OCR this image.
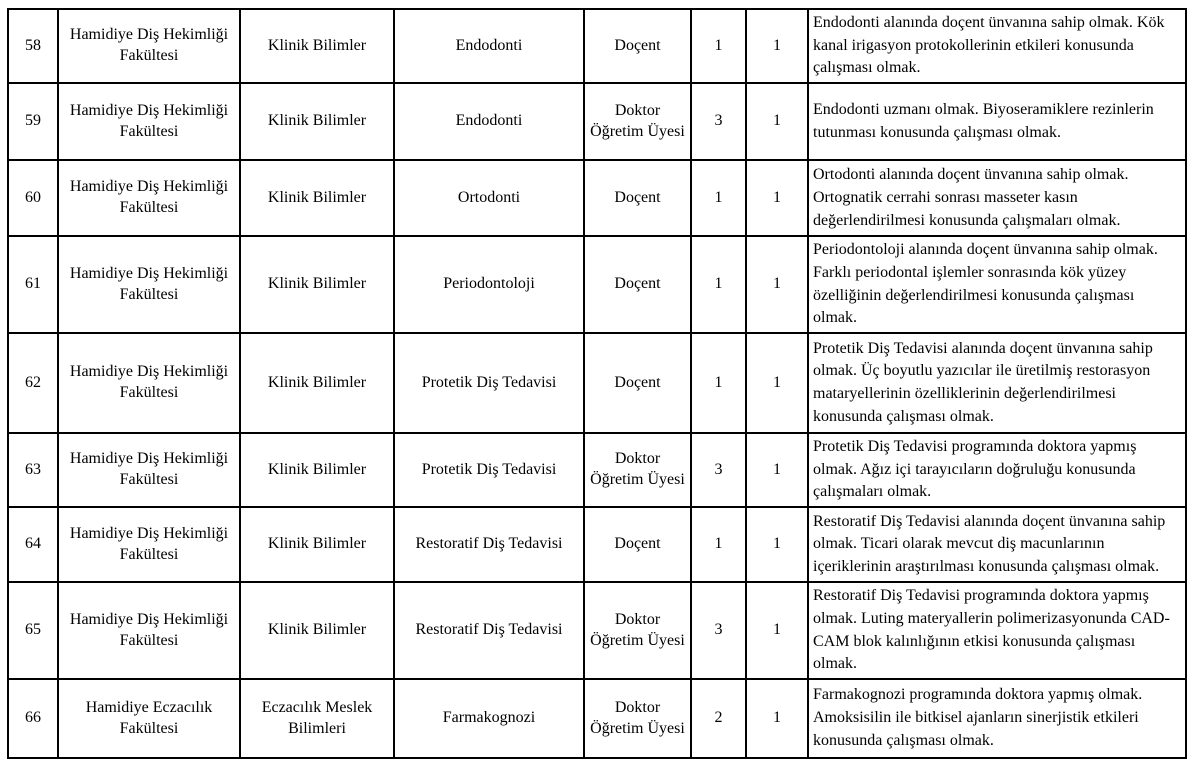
58	Hamidiye Diş Hekimliği Fakültesi	Klinik Bilimler	Endodonti	Doçent	1	1	Endodonti alanında doçent ünvanına sahip olmak. Kök kanal irigasyon protokollerinin etkileri konusunda çalışması olmak.
59	Hamidiye Diş Hekimliği Fakültesi	Klinik Bilimler	Endodonti	Doktor Öğretim Üyesi	3	1	Endodonti uzmanı olmak. Biyoseramiklere rezinlerin tutunması konusunda çalışması olmak.
60	Hamidiye Diş Hekimliği Fakültesi	Klinik Bilimler	Ortodonti	Doçent	1	1	Ortodonti alanında doçent ünvanına sahip olmak. Ortognatik cerrahi sonrası masseter kasın değerlendirilmesi konusunda çalışmaları olmak.
61	Hamidiye Diş Hekimliği Fakültesi	Klinik Bilimler	Periodontoloji	Doçent	1	1	Periodontoloji alanında doçent ünvanına sahip olmak. Farklı periodontal işlemler sonrasında kök yüzey özelliğinin değerlendirilmesi konusunda çalışması olmak.
62	Hamidiye Diş Hekimliği Fakültesi	Klinik Bilimler	Protetik Diş Tedavisi	Doçent	1	1	Protetik Diş Tedavisi alanında doçent ünvanına sahip olmak. Üç boyutlu yazıcılar ile üretilmiş restorasyon mataryellerinin özelliklerinin değerlendirilmesi konusunda çalışması olmak.
63	Hamidiye Diş Hekimliği Fakültesi	Klinik Bilimler	Protetik Diş Tedavisi	Doktor Öğretim Üyesi	3	1	Protetik Diş Tedavisi programında doktora yapmış olmak. Ağız içi tarayıcıların doğruluğu konusunda çalışmaları olmak.
64	Hamidiye Diş Hekimliği Fakültesi	Klinik Bilimler	Restoratif Diş Tedavisi	Doçent	1	1	Restoratif Diş Tedavisi alanında doçent ünvanına sahip olmak. Ticari olarak mevcut diş macunlarının içeriklerinin araştırılması konusunda çalışması olmak.
65	Hamidiye Diş Hekimliği Fakültesi	Klinik Bilimler	Restoratif Diş Tedavisi	Doktor Öğretim Üyesi	3	1	Restoratif Diş Tedavisi programında doktora yapmış olmak. Luting materyallerin polimerizasyonunda CAD-CAM blok kalınlığının etkisi konusunda çalışması olmak.
66	Hamidiye Eczacılık Fakültesi	Eczacılık Meslek Bilimleri	Farmakognozi	Doktor Öğretim Üyesi	2	1	Farmakognozi programında doktora yapmış olmak. Amoksisilin ile bitkisel ajanların sinerjistik etkileri konusunda çalışması olmak.
